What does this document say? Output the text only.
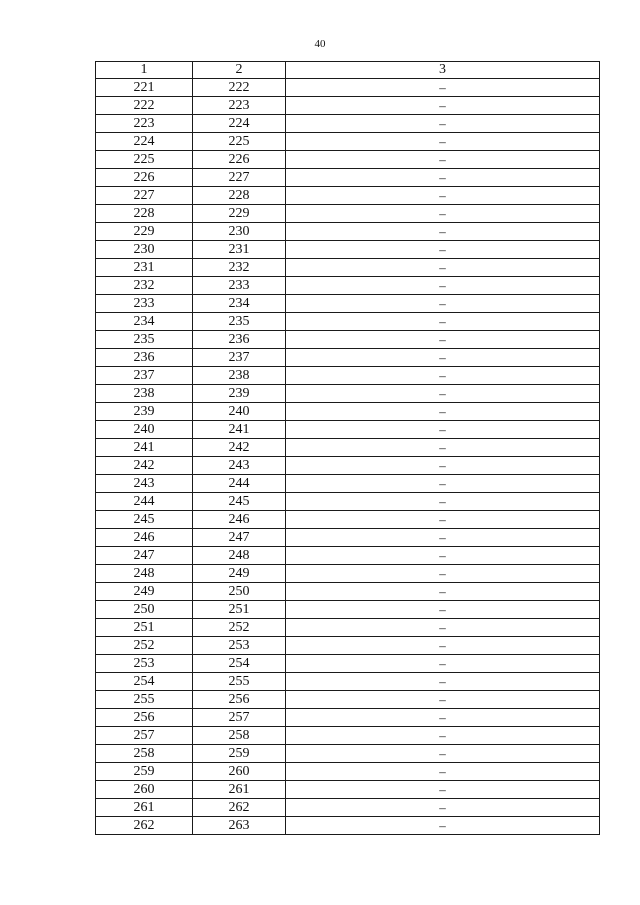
40
1	2	3
221	222	–
222	223	–
223	224	–
224	225	–
225	226	–
226	227	–
227	228	–
228	229	–
229	230	–
230	231	–
231	232	–
232	233	–
233	234	–
234	235	–
235	236	–
236	237	–
237	238	–
238	239	–
239	240	–
240	241	–
241	242	–
242	243	–
243	244	–
244	245	–
245	246	–
246	247	–
247	248	–
248	249	–
249	250	–
250	251	–
251	252	–
252	253	–
253	254	–
254	255	–
255	256	–
256	257	–
257	258	–
258	259	–
259	260	–
260	261	–
261	262	–
262	263	–
